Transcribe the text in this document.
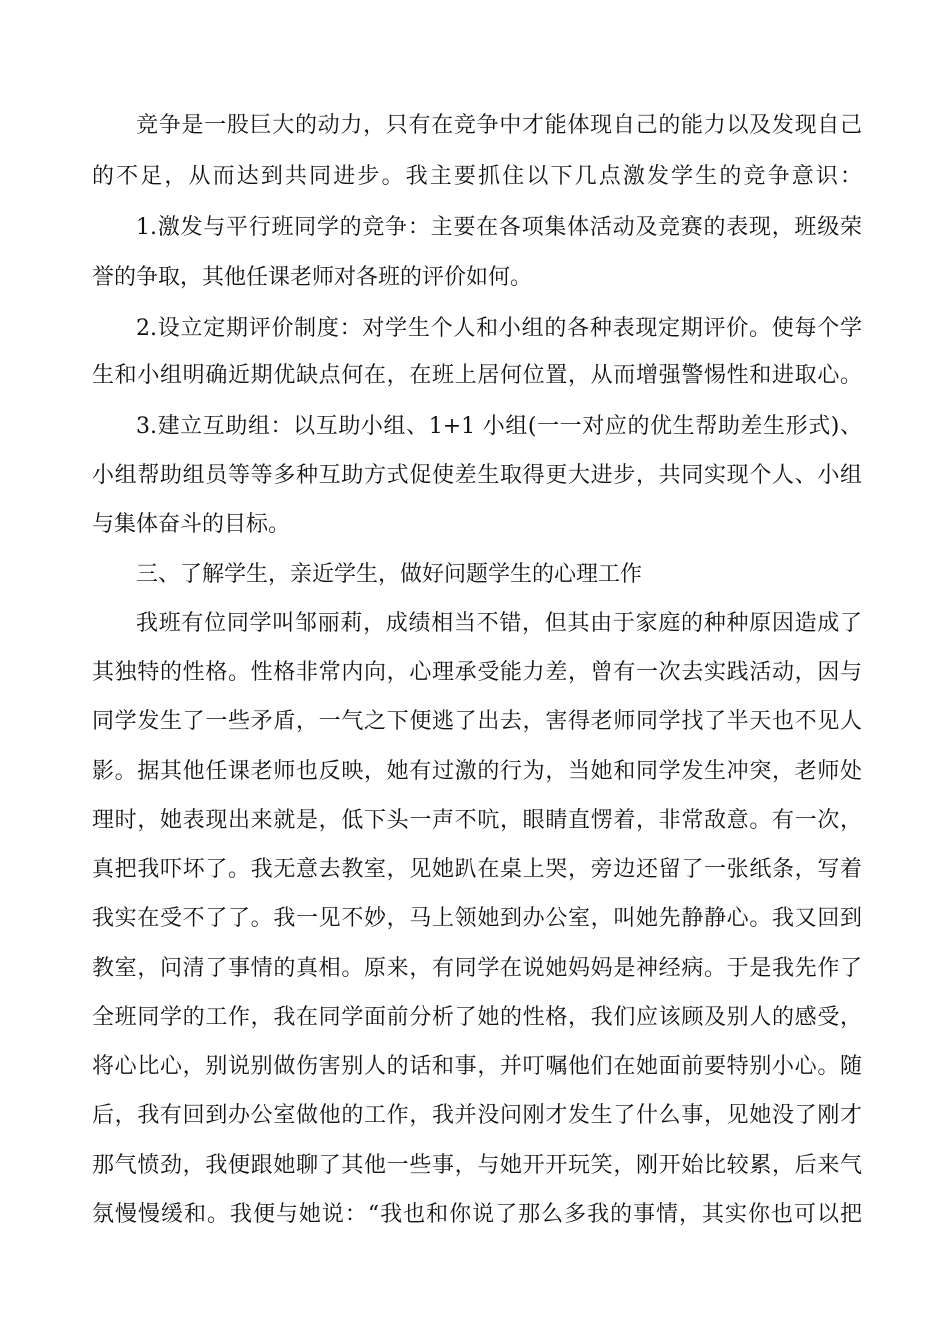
竞争是一股巨大的动力，只有在竞争中才能体现自己的能力以及发现自己
的不足，从而达到共同进步。我主要抓住以下几点激发学生的竞争意识：
1.激发与平行班同学的竞争：主要在各项集体活动及竞赛的表现，班级荣
誉的争取，其他任课老师对各班的评价如何。
2.设立定期评价制度：对学生个人和小组的各种表现定期评价。使每个学
生和小组明确近期优缺点何在，在班上居何位置，从而增强警惕性和进取心。
3.建立互助组：以互助小组、1+1 小组(一一对应的优生帮助差生形式)、
小组帮助组员等等多种互助方式促使差生取得更大进步，共同实现个人、小组
与集体奋斗的目标。
三、了解学生，亲近学生，做好问题学生的心理工作
我班有位同学叫邹丽莉，成绩相当不错，但其由于家庭的种种原因造成了
其独特的性格。性格非常内向，心理承受能力差，曾有一次去实践活动，因与
同学发生了一些矛盾，一气之下便逃了出去，害得老师同学找了半天也不见人
影。据其他任课老师也反映，她有过激的行为，当她和同学发生冲突，老师处
理时，她表现出来就是，低下头一声不吭，眼睛直愣着，非常敌意。有一次，
真把我吓坏了。我无意去教室，见她趴在桌上哭，旁边还留了一张纸条，写着
我实在受不了了。我一见不妙，马上领她到办公室，叫她先静静心。我又回到
教室，问清了事情的真相。原来，有同学在说她妈妈是神经病。于是我先作了
全班同学的工作，我在同学面前分析了她的性格，我们应该顾及别人的感受，
将心比心，别说别做伤害别人的话和事，并叮嘱他们在她面前要特别小心。随
后，我有回到办公室做他的工作，我并没问刚才发生了什么事，见她没了刚才
那气愤劲，我便跟她聊了其他一些事，与她开开玩笑，刚开始比较累，后来气
氛慢慢缓和。我便与她说：“我也和你说了那么多我的事情，其实你也可以把
